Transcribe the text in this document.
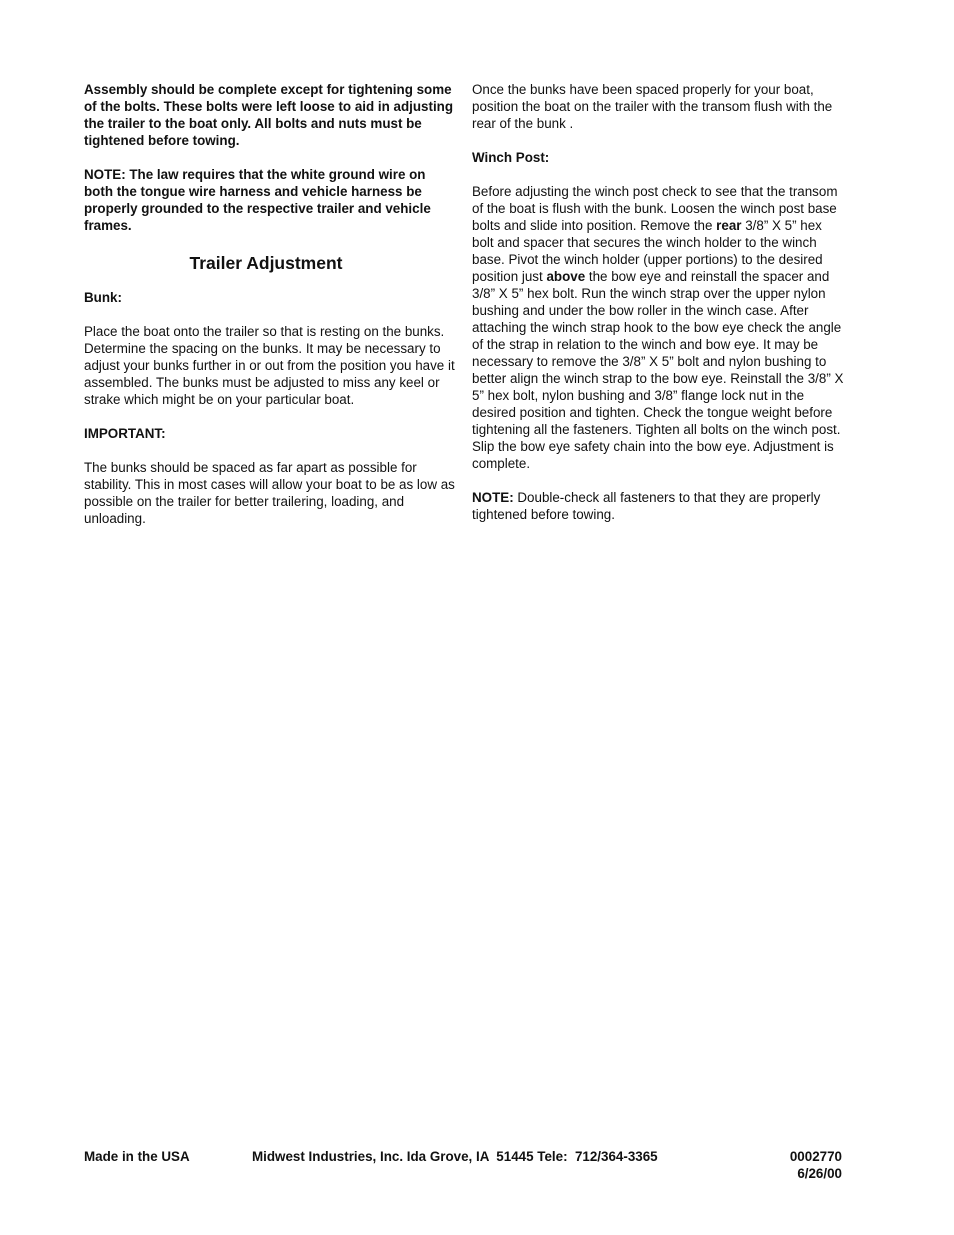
Assembly should be complete except for tightening some of the bolts. These bolts were left loose to aid in adjusting the trailer to the boat only. All bolts and nuts must be tightened before towing.

NOTE: The law requires that the white ground wire on both the tongue wire harness and vehicle harness be properly grounded to the respective trailer and vehicle frames.

Trailer Adjustment

Bunk:

Place the boat onto the trailer so that is resting on the bunks. Determine the spacing on the bunks. It may be necessary to adjust your bunks further in or out from the position you have it assembled. The bunks must be adjusted to miss any keel or strake which might be on your particular boat.

IMPORTANT:

The bunks should be spaced as far apart as possible for stability. This in most cases will allow your boat to be as low as possible on the trailer for better trailering, loading, and unloading.

Once the bunks have been spaced properly for your boat, position the boat on the trailer with the transom flush with the rear of the bunk .

Winch Post:

Before adjusting the winch post check to see that the transom of the boat is flush with the bunk. Loosen the winch post base bolts and slide into position. Remove the rear 3/8” X 5” hex bolt and spacer that secures the winch holder to the winch base. Pivot the winch holder (upper portions) to the desired position just above the bow eye and reinstall the spacer and 3/8” X 5” hex bolt. Run the winch strap over the upper nylon bushing and under the bow roller in the winch case. After attaching the winch strap hook to the bow eye check the angle of the strap in relation to the winch and bow eye. It may be necessary to remove the 3/8” X 5” bolt and nylon bushing to better align the winch strap to the bow eye. Reinstall the 3/8” X 5” hex bolt, nylon bushing and 3/8” flange lock nut in the desired position and tighten. Check the tongue weight before tightening all the fasteners. Tighten all bolts on the winch post. Slip the bow eye safety chain into the bow eye. Adjustment is complete.

NOTE: Double-check all fasteners to that they are properly tightened before towing.

Made in the USA	Midwest Industries, Inc. Ida Grove, IA  51445 Tele:  712/364-3365	0002770
6/26/00
